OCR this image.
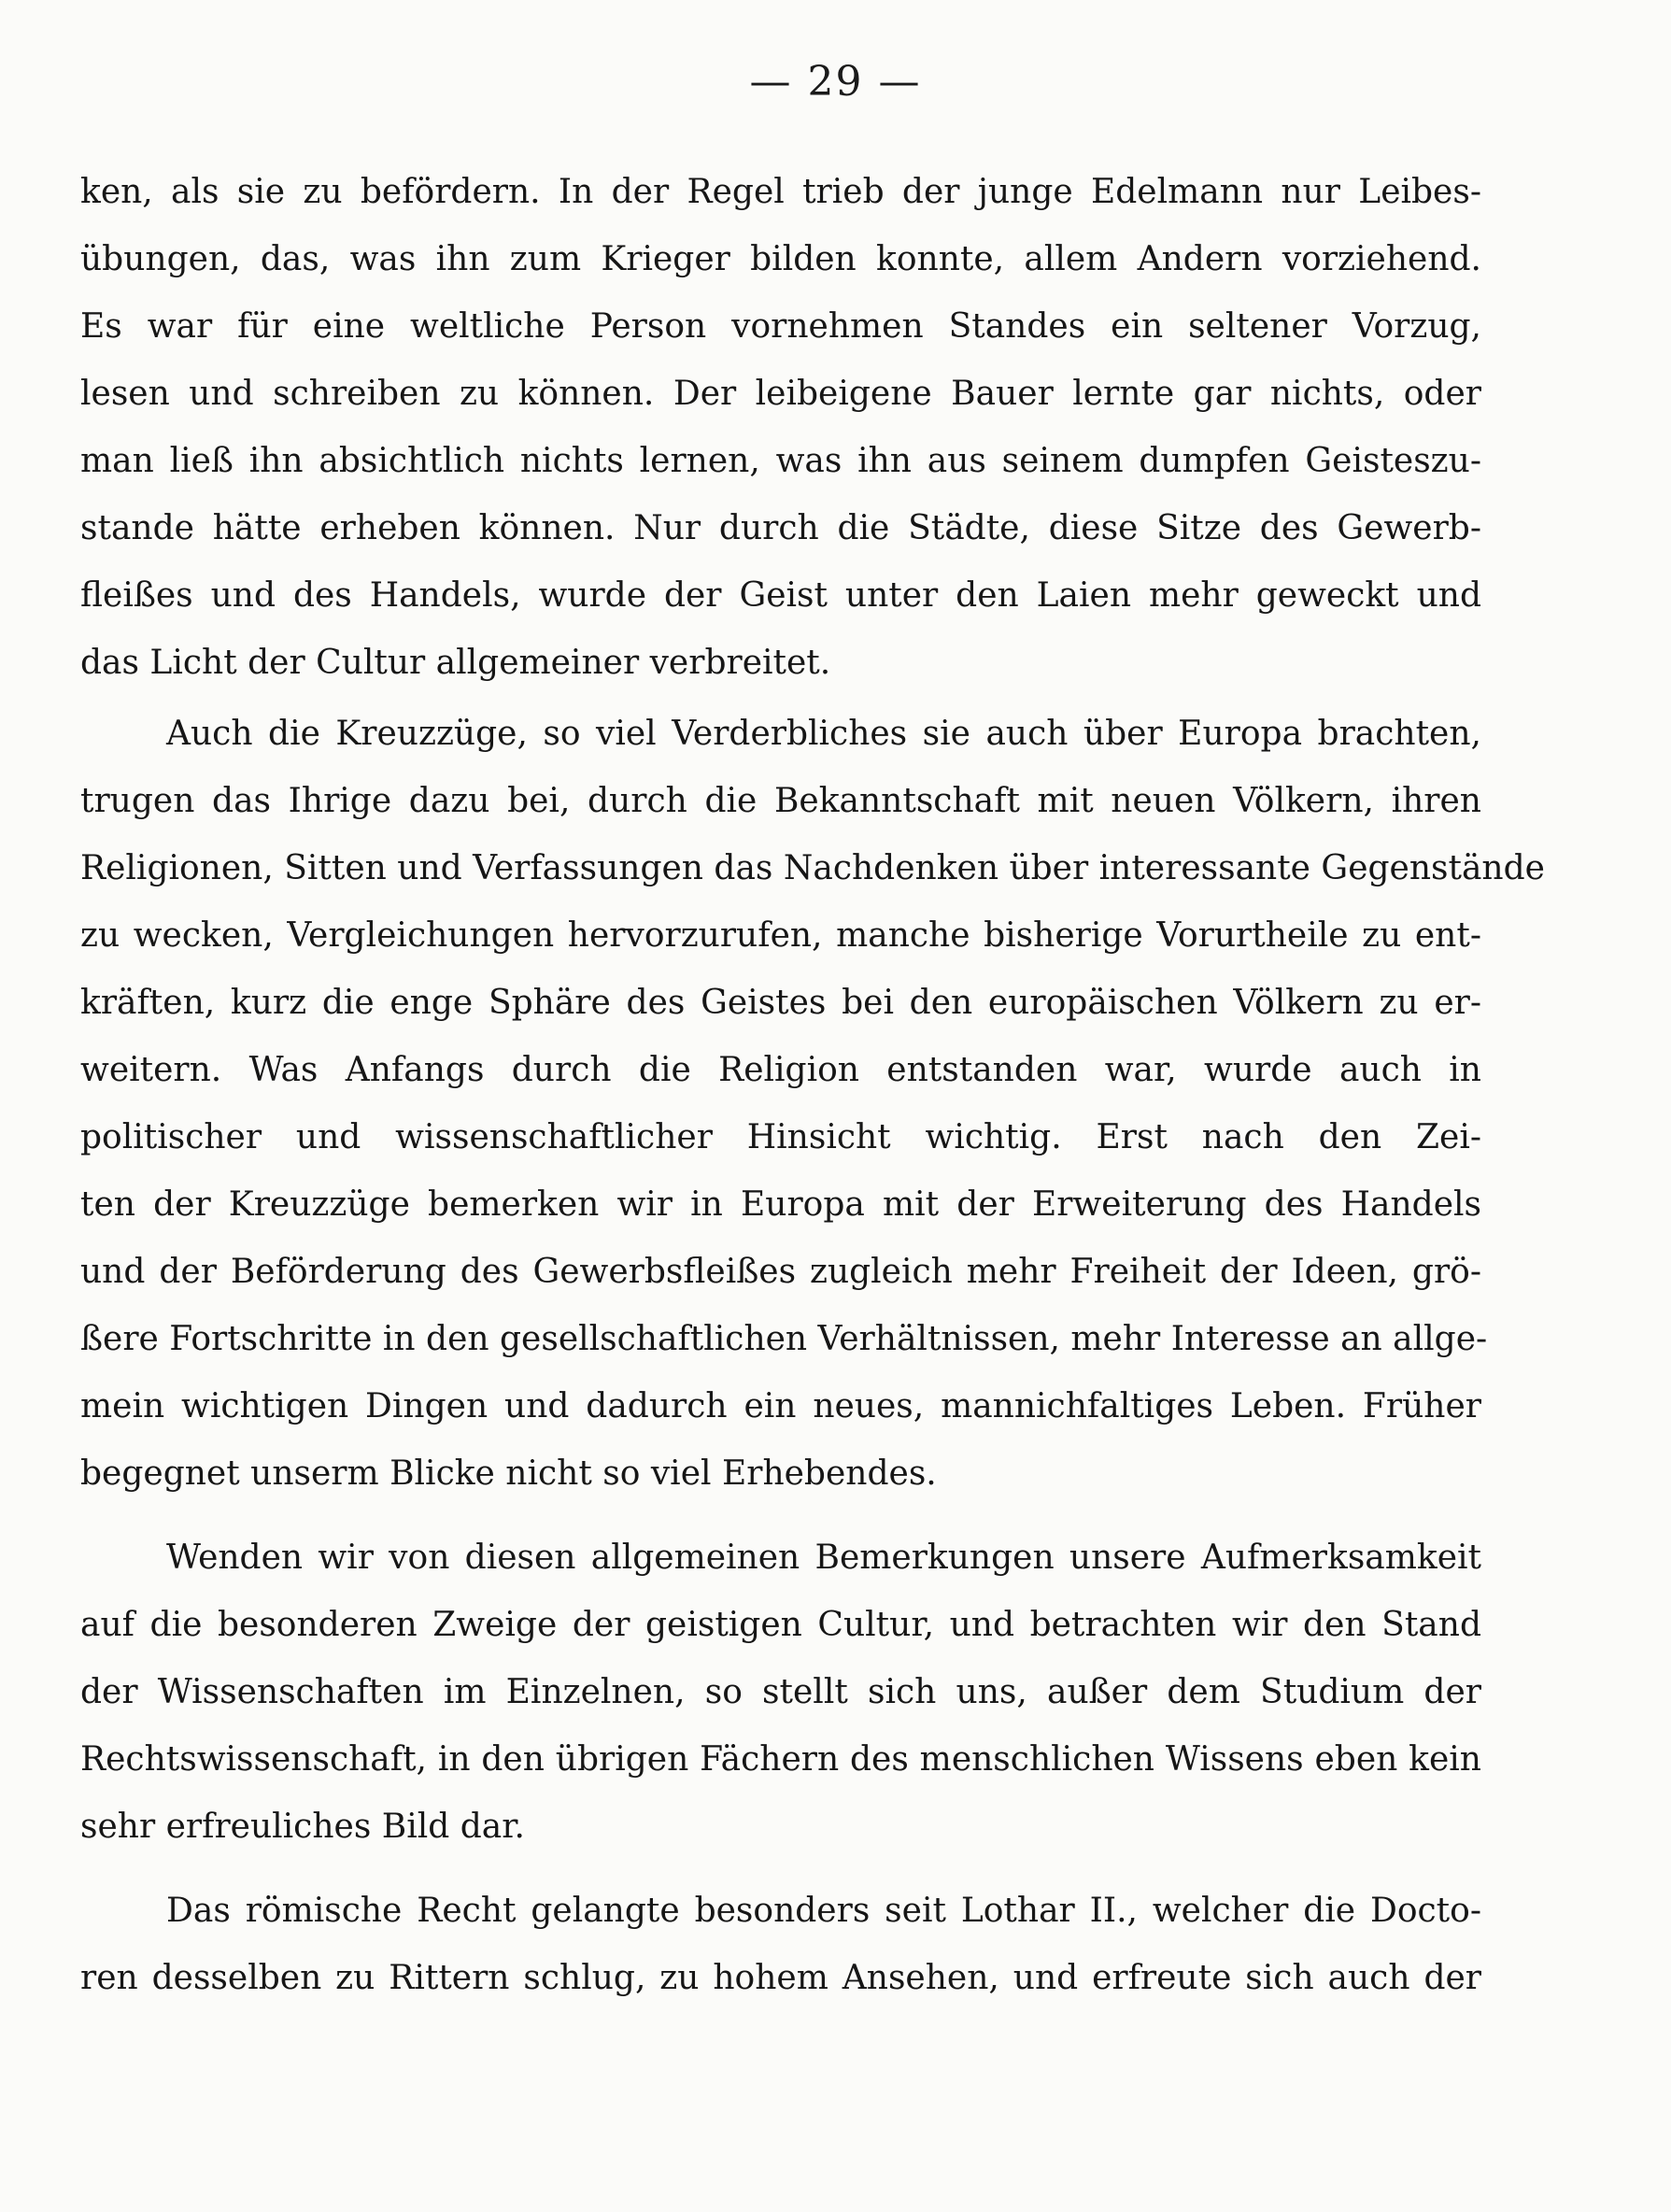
— 29 —
ken, als sie zu befördern. In der Regel trieb der junge Edelmann nur Leibes-
übungen, das, was ihn zum Krieger bilden konnte, allem Andern vorziehend.
Es war für eine weltliche Person vornehmen Standes ein seltener Vorzug,
lesen und schreiben zu können. Der leibeigene Bauer lernte gar nichts, oder
man ließ ihn absichtlich nichts lernen, was ihn aus seinem dumpfen Geisteszu-
stande hätte erheben können. Nur durch die Städte, diese Sitze des Gewerb-
fleißes und des Handels, wurde der Geist unter den Laien mehr geweckt und
das Licht der Cultur allgemeiner verbreitet.
Auch die Kreuzzüge, so viel Verderbliches sie auch über Europa brachten,
trugen das Ihrige dazu bei, durch die Bekanntschaft mit neuen Völkern, ihren
Religionen, Sitten und Verfassungen das Nachdenken über interessante Gegenstände
zu wecken, Vergleichungen hervorzurufen, manche bisherige Vorurtheile zu ent-
kräften, kurz die enge Sphäre des Geistes bei den europäischen Völkern zu er-
weitern. Was Anfangs durch die Religion entstanden war, wurde auch in
politischer und wissenschaftlicher Hinsicht wichtig. Erst nach den Zei-
ten der Kreuzzüge bemerken wir in Europa mit der Erweiterung des Handels
und der Beförderung des Gewerbsfleißes zugleich mehr Freiheit der Ideen, grö-
ßere Fortschritte in den gesellschaftlichen Verhältnissen, mehr Interesse an allge-
mein wichtigen Dingen und dadurch ein neues, mannichfaltiges Leben. Früher
begegnet unserm Blicke nicht so viel Erhebendes.
Wenden wir von diesen allgemeinen Bemerkungen unsere Aufmerksamkeit
auf die besonderen Zweige der geistigen Cultur, und betrachten wir den Stand
der Wissenschaften im Einzelnen, so stellt sich uns, außer dem Studium der
Rechtswissenschaft, in den übrigen Fächern des menschlichen Wissens eben kein
sehr erfreuliches Bild dar.
Das römische Recht gelangte besonders seit Lothar II., welcher die Docto-
ren desselben zu Rittern schlug, zu hohem Ansehen, und erfreute sich auch der
